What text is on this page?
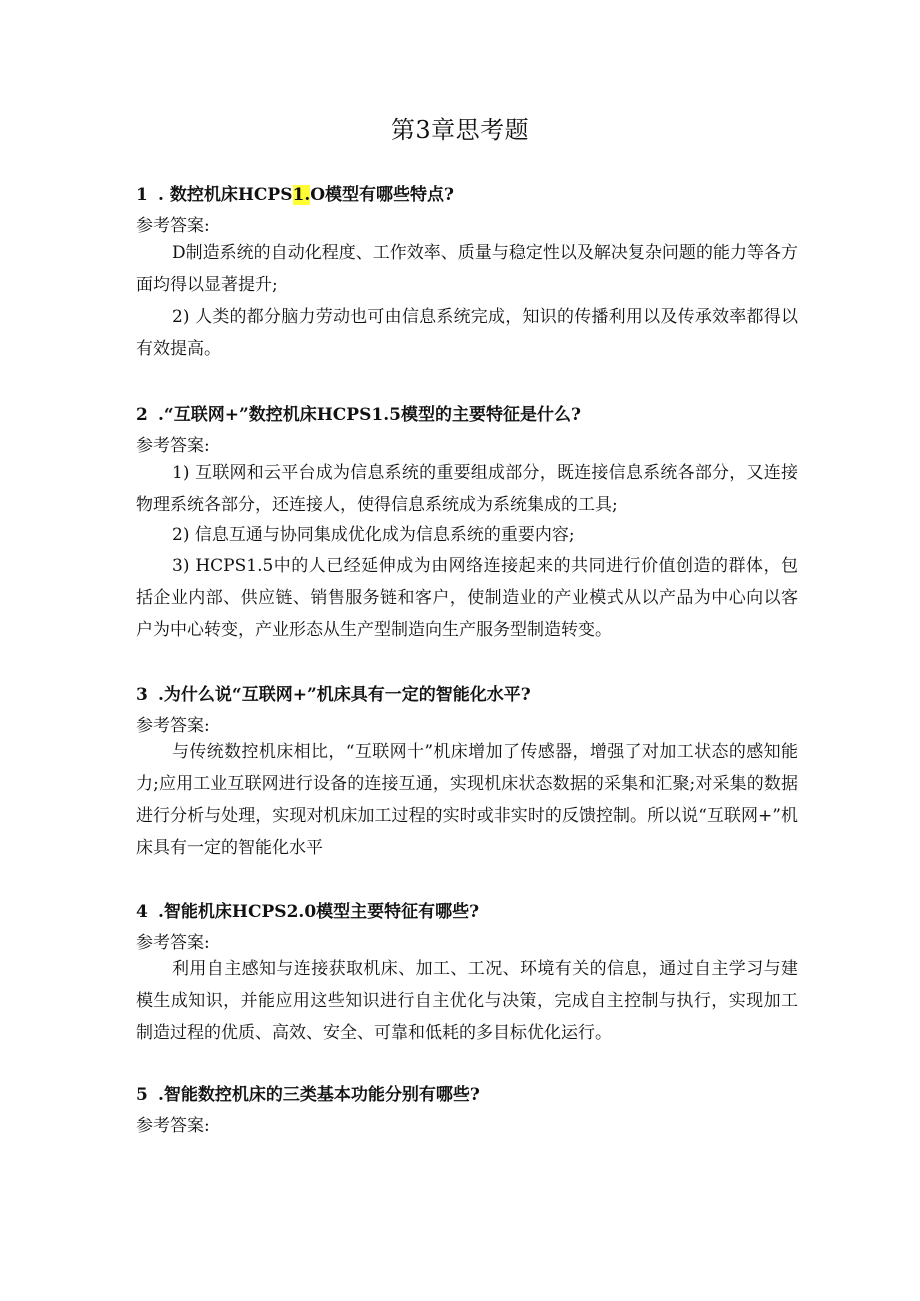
第3章思考题
1 . 数控机床HCPS1.O模型有哪些特点?
参考答案:
D制造系统的自动化程度、工作效率、质量与稳定性以及解决复杂问题的能力等各方面均得以显著提升;
2) 人类的都分脑力劳动也可由信息系统完成，知识的传播利用以及传承效率都得以有效提高。
2 .“互联网+”数控机床HCPS1.5模型的主要特征是什么?
参考答案:
1) 互联网和云平台成为信息系统的重要组成部分，既连接信息系统各部分，又连接物理系统各部分，还连接人，使得信息系统成为系统集成的工具;
2) 信息互通与协同集成优化成为信息系统的重要内容;
3) HCPS1.5中的人已经延伸成为由网络连接起来的共同进行价值创造的群体，包括企业内部、供应链、销售服务链和客户，使制造业的产业模式从以产品为中心向以客户为中心转变，产业形态从生产型制造向生产服务型制造转变。
3 .为什么说“互联网+”机床具有一定的智能化水平?
参考答案:
与传统数控机床相比，“互联网十”机床增加了传感器，增强了对加工状态的感知能力;应用工业互联网进行设备的连接互通，实现机床状态数据的采集和汇聚;对采集的数据进行分析与处理，实现对机床加工过程的实时或非实时的反馈控制。所以说“互联网+”机床具有一定的智能化水平
4 .智能机床HCPS2.0模型主要特征有哪些?
参考答案:
利用自主感知与连接获取机床、加工、工况、环境有关的信息，通过自主学习与建模生成知识，并能应用这些知识进行自主优化与决策，完成自主控制与执行，实现加工制造过程的优质、高效、安全、可靠和低耗的多目标优化运行。
5 .智能数控机床的三类基本功能分别有哪些?
参考答案:
